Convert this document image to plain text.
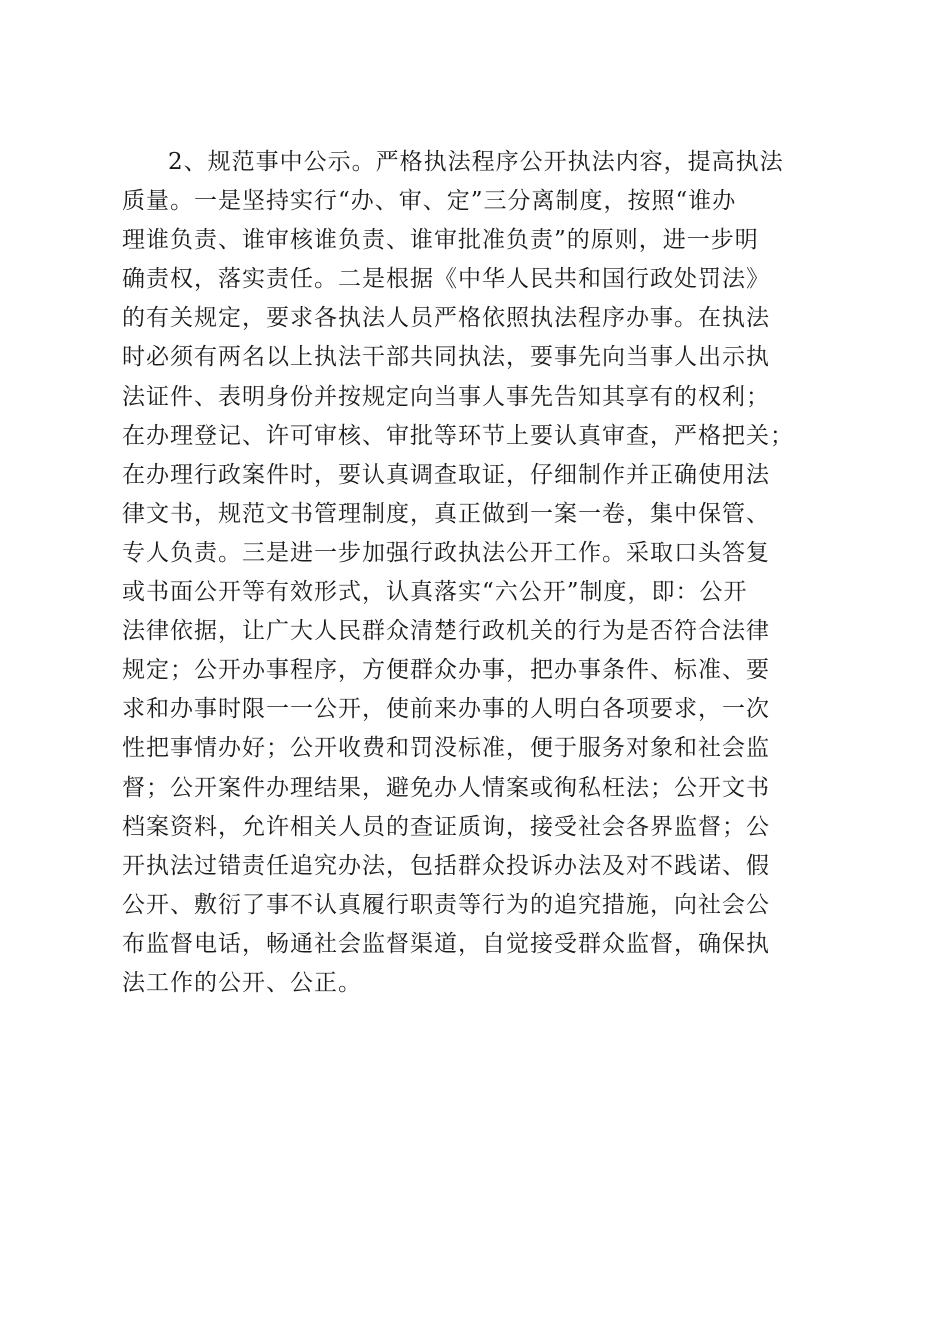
2、规范事中公示。严格执法程序公开执法内容，提高执法
质量。一是坚持实行“办、审、定”三分离制度，按照“谁办
理谁负责、谁审核谁负责、谁审批准负责”的原则，进一步明
确责权，落实责任。二是根据《中华人民共和国行政处罚法》
的有关规定，要求各执法人员严格依照执法程序办事。在执法
时必须有两名以上执法干部共同执法，要事先向当事人出示执
法证件、表明身份并按规定向当事人事先告知其享有的权利；
在办理登记、许可审核、审批等环节上要认真审查，严格把关；
在办理行政案件时，要认真调查取证，仔细制作并正确使用法
律文书，规范文书管理制度，真正做到一案一卷，集中保管、
专人负责。三是进一步加强行政执法公开工作。采取口头答复
或书面公开等有效形式，认真落实“六公开”制度，即：公开
法律依据，让广大人民群众清楚行政机关的行为是否符合法律
规定；公开办事程序，方便群众办事，把办事条件、标准、要
求和办事时限一一公开，使前来办事的人明白各项要求，一次
性把事情办好；公开收费和罚没标准，便于服务对象和社会监
督；公开案件办理结果，避免办人情案或徇私枉法；公开文书
档案资料，允许相关人员的查证质询，接受社会各界监督；公
开执法过错责任追究办法，包括群众投诉办法及对不践诺、假
公开、敷衍了事不认真履行职责等行为的追究措施，向社会公
布监督电话，畅通社会监督渠道，自觉接受群众监督，确保执
法工作的公开、公正。
